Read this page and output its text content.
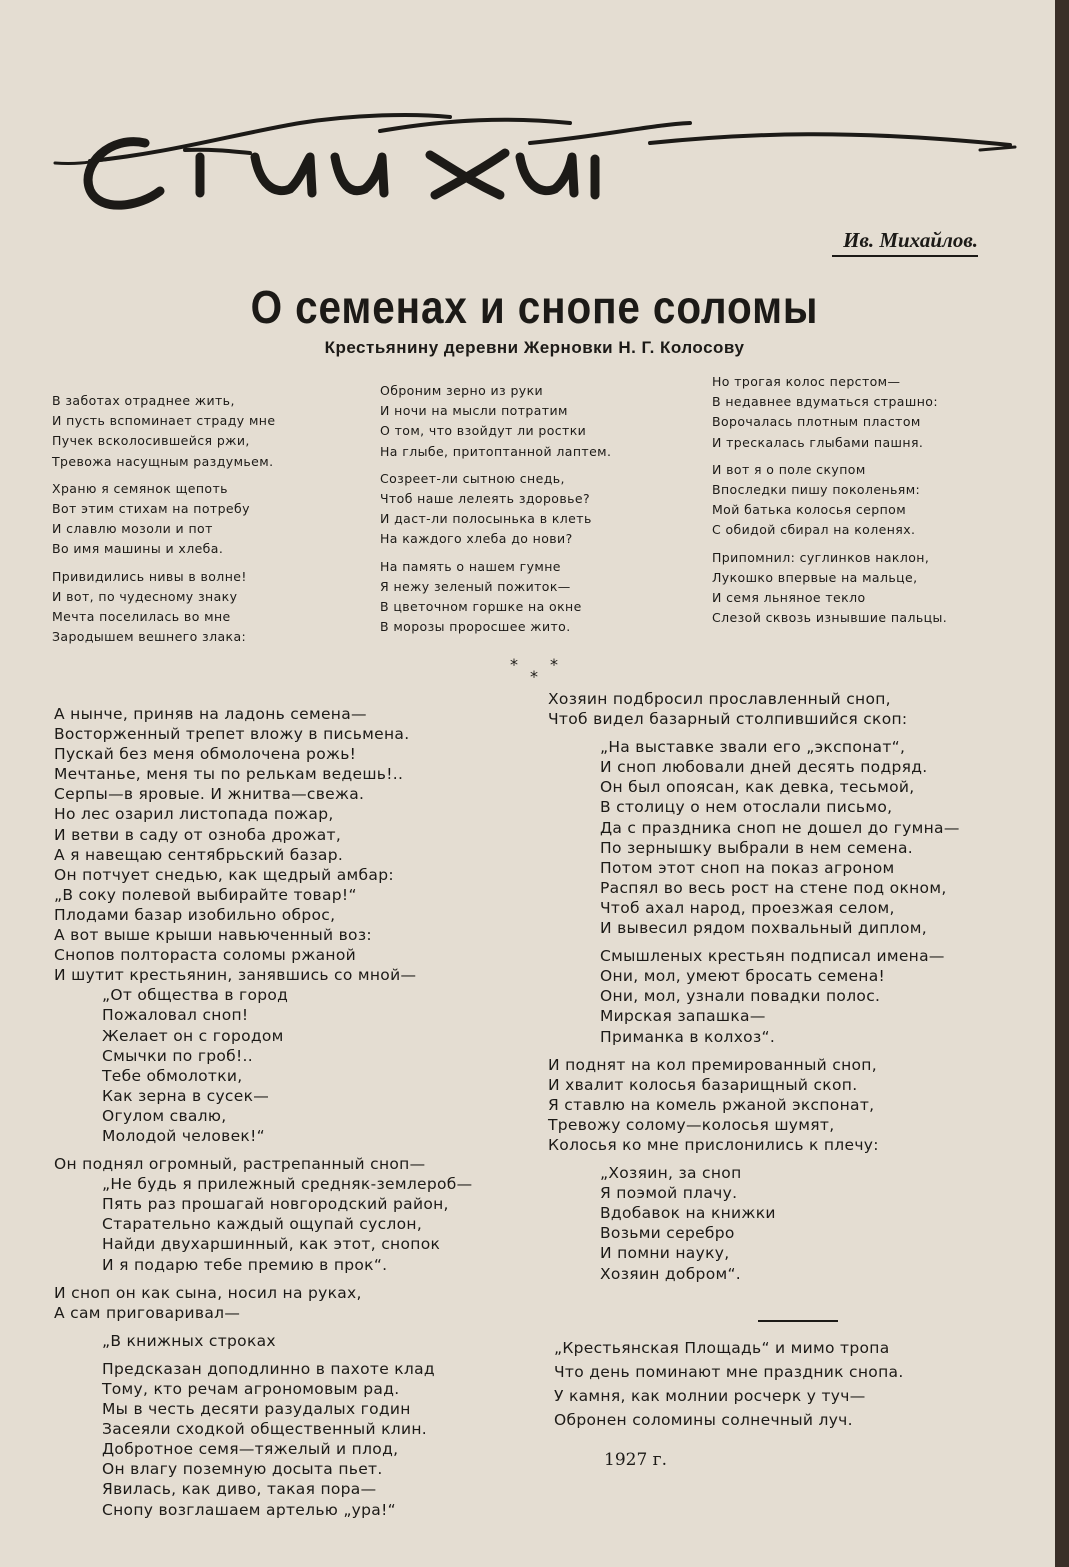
Стихи
Ив. Михайлов.
О семенах и снопе соломы
Крестьянину деревни Жерновки Н. Г. Колосову
В заботах отраднее жить,
И пусть вспоминает страду мне
Пучек всколосившейся ржи,
Тревожа насущным раздумьем.
Храню я семянок щепоть
Вот этим стихам на потребу
И славлю мозоли и пот
Во имя машины и хлеба.
Привидились нивы в волне!
И вот, по чудесному знаку
Мечта поселилась во мне
Зародышем вешнего злака:
Оброним зерно из руки
И ночи на мысли потратим
О том, что взойдут ли ростки
На глыбе, притоптанной лаптем.
Созреет-ли сытною снедь,
Чтоб наше лелеять здоровье?
И даст-ли полосынька в клеть
На каждого хлеба до нови?
На память о нашем гумне
Я нежу зеленый пожиток—
В цветочном горшке на окне
В морозы проросшее жито.
Но трогая колос перстом—
В недавнее вдуматься страшно:
Ворочалась плотным пластом
И трескалась глыбами пашня.
И вот я о поле скупом
Впоследки пишу поколеньям:
Мой батька колосья серпом
С обидой сбирал на коленях.
Припомнил: суглинков наклон,
Лукошко впервые на мальце,
И семя льняное текло
Слезой сквозь изнывшие пальцы.
* *
*
А нынче, приняв на ладонь семена—
Восторженный трепет вложу в письмена.
Пускай без меня обмолочена рожь!
Мечтанье, меня ты по релькам ведешь!..
Серпы—в яровые. И жнитва—свежа.
Но лес озарил листопада пожар,
И ветви в саду от озноба дрожат,
А я навещаю сентябрьский базар.
Он потчует снедью, как щедрый амбар:
„В соку полевой выбирайте товар!“
Плодами базар изобильно оброс,
А вот выше крыши навьюченный воз:
Снопов полтораста соломы ржаной
И шутит крестьянин, занявшись со мной—
„От общества в город
Пожаловал сноп!
Желает он с городом
Смычки по гроб!..
Тебе обмолотки,
Как зерна в сусек—
Огулом свалю,
Молодой человек!“
Он поднял огромный, растрепанный сноп—
„Не будь я прилежный средняк-землероб—
Пять раз прошагай новгородский район,
Старательно каждый ощупай суслон,
Найди двухаршинный, как этот, снопок
И я подарю тебе премию в прок“.
И сноп он как сына, носил на руках,
А сам приговаривал—
„В книжных строках
Предсказан доподлинно в пахоте клад
Тому, кто речам агрономовым рад.
Мы в честь десяти разудалых годин
Засеяли сходкой общественный клин.
Добротное семя—тяжелый и плод,
Он влагу поземную досыта пьет.
Явилась, как диво, такая пора—
Снопу возглашаем артелью „ура!“
Хозяин подбросил прославленный сноп,
Чтоб видел базарный столпившийся скоп:
„На выставке звали его „экспонат“,
И сноп любовали дней десять подряд.
Он был опоясан, как девка, тесьмой,
В столицу о нем отослали письмо,
Да с праздника сноп не дошел до гумна—
По зернышку выбрали в нем семена.
Потом этот сноп на показ агроном
Распял во весь рост на стене под окном,
Чтоб ахал народ, проезжая селом,
И вывесил рядом похвальный диплом,
Смышленых крестьян подписал имена—
Они, мол, умеют бросать семена!
Они, мол, узнали повадки полос.
Мирская запашка—
Приманка в колхоз“.
И поднят на кол премированный сноп,
И хвалит колосья базарищный скоп.
Я ставлю на комель ржаной экспонат,
Тревожу солому—колосья шумят,
Колосья ко мне прислонились к плечу:
„Хозяин, за сноп
Я поэмой плачу.
Вдобавок на книжки
Возьми серебро
И помни науку,
Хозяин добром“.
„Крестьянская Площадь“ и мимо тропа
Что день поминают мне праздник снопа.
У камня, как молнии росчерк у туч—
Обронен соломины солнечный луч.
1927 г.
